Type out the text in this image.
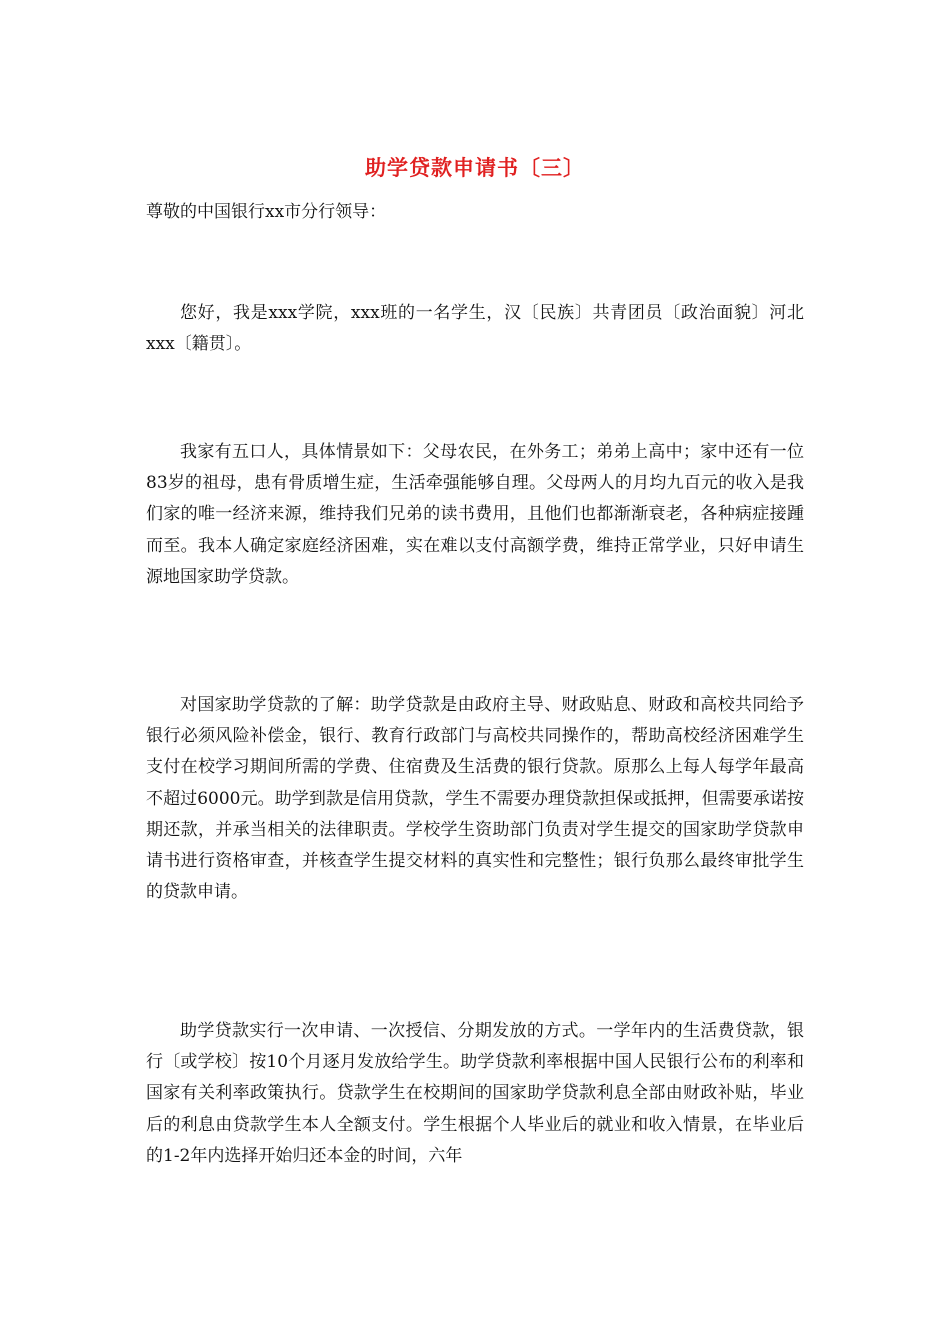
助学贷款申请书〔三〕
尊敬的中国银行xx市分行领导：

您好，我是xxx学院，xxx班的一名学生，汉〔民族〕共青团员〔政治面貌〕河北xxx〔籍贯〕。

我家有五口人，具体情景如下：父母农民，在外务工；弟弟上高中；家中还有一位83岁的祖母，患有骨质增生症，生活牵强能够自理。父母两人的月均九百元的收入是我们家的唯一经济来源，维持我们兄弟的读书费用，且他们也都渐渐衰老，各种病症接踵而至。我本人确定家庭经济困难，实在难以支付高额学费，维持正常学业，只好申请生源地国家助学贷款。

对国家助学贷款的了解：助学贷款是由政府主导、财政贴息、财政和高校共同给予银行必须风险补偿金，银行、教育行政部门与高校共同操作的，帮助高校经济困难学生支付在校学习期间所需的学费、住宿费及生活费的银行贷款。原那么上每人每学年最高不超过6000元。助学到款是信用贷款，学生不需要办理贷款担保或抵押，但需要承诺按期还款，并承当相关的法律职责。学校学生资助部门负责对学生提交的国家助学贷款申请书进行资格审查，并核查学生提交材料的真实性和完整性；银行负那么最终审批学生的贷款申请。

助学贷款实行一次申请、一次授信、分期发放的方式。一学年内的生活费贷款，银行〔或学校〕按10个月逐月发放给学生。助学贷款利率根据中国人民银行公布的利率和国家有关利率政策执行。贷款学生在校期间的国家助学贷款利息全部由财政补贴，毕业后的利息由贷款学生本人全额支付。学生根据个人毕业后的就业和收入情景，在毕业后的1-2年内选择开始归还本金的时间，六年
